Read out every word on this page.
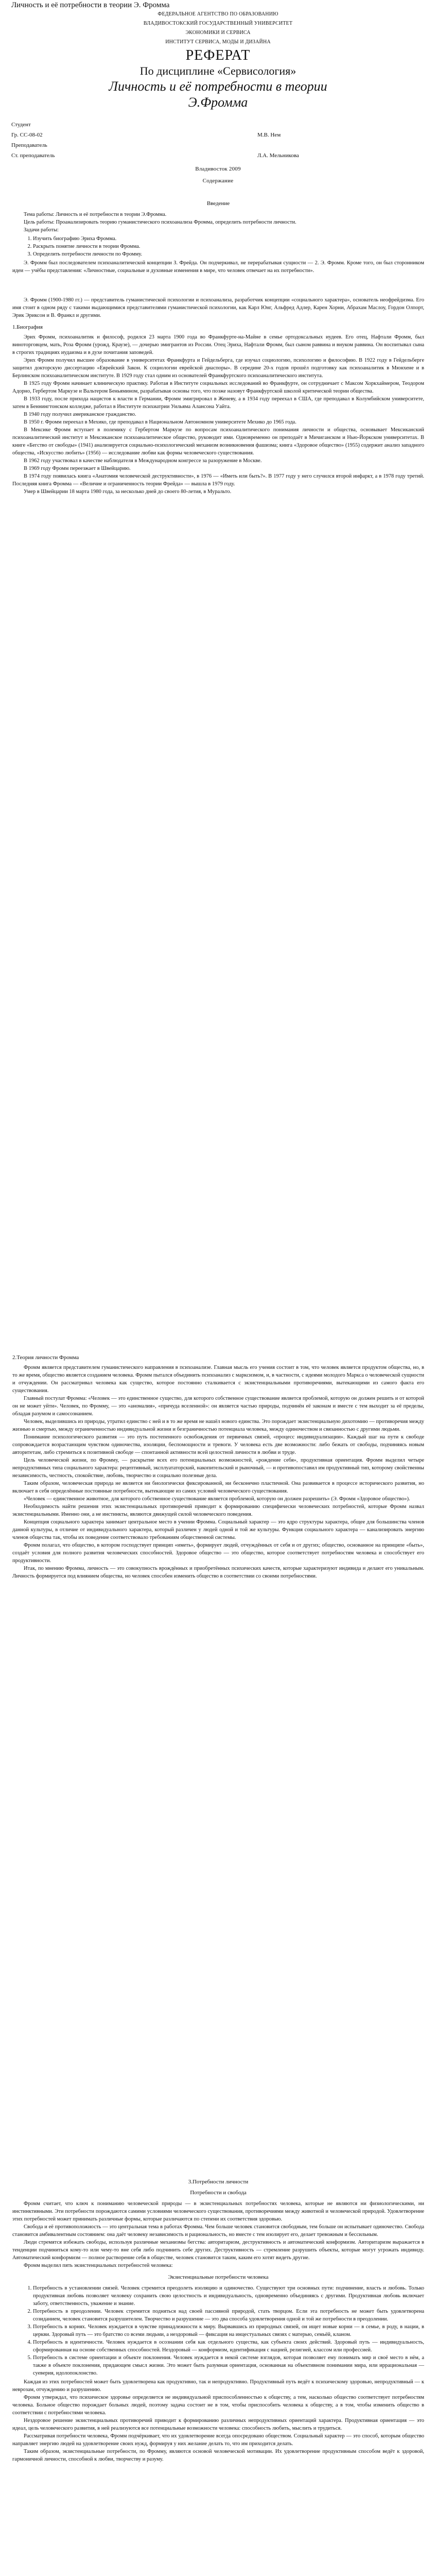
Личность и её потребности в теории Э. Фромма
ФЕДЕРАЛЬНОЕ АГЕНТСТВО ПО ОБРАЗОВАНИЮ
ВЛАДИВОСТОКСКИЙ ГОСУДАРСТВЕННЫЙ УНИВЕРСИТЕТ
ЭКОНОМИКИ И СЕРВИСА
ИНСТИТУТ СЕРВИСА, МОДЫ И ДИЗАЙНА
РЕФЕРАТ
По дисциплине «Сервисология»
Личность и её потребности в теории
Э.Фромма
Студент
Гр. СС-08-02	М.В. Нем
Преподаватель
Ст. преподаватель	Л.А. Мельникова
Владивосток 2009
Содержание
Введение

Тема работы: Личность и её потребности в теории Э.Фромма.

Цель работы: Проанализировать теорию гуманистического психоанализа Фромма, определить потребности личности.

Задачи работы:

1. Изучить биографию Эриха Фромма.
2. Раскрыть понятие личности в теории Фромма.
3. Определить потребности личности по Фромму.

Э. Фромм был последователем психоаналитической концепции З. Фрейда. Он подчеркивал, не перерабатывая сущности — 2. Э. Фромм. Кроме того, он был сторонником идеи — учёбы представления: «Личностные, социальные и духовные изменения в мире, что человек отвечает на их потребности».

Э. Фромм (1900-1980 гг.) — представитель гуманистической психологии и психоанализа, разработчик концепции «социального характера», основатель неофрейдизма. Его имя стоит в одном ряду с такими выдающимися представителями гуманистической психологии, как Карл Юнг, Альфред Адлер, Карен Хорни, Абрахам Маслоу, Гордон Олпорт, Эрик Эриксон и В. Франкл и другими.

1.Биография

Эрих Фромм, психоаналитик и философ, родился 23 марта 1900 года во Франкфурте-на-Майне в семье ортодоксальных иудеев. Его отец, Нафтали Фромм, был виноторговцем, мать, Роза Фромм (урожд. Краузе), — дочерью эмигрантов из России. Отец Эриха, Нафтали Фромм, был сыном раввина и внуком раввина. Он воспитывал сына в строгих традициях иудаизма и в духе почитания заповедей.

Эрих Фромм получил высшее образование в университетах Франкфурта и Гейдельберга, где изучал социологию, психологию и философию. В 1922 году в Гейдельберге защитил докторскую диссертацию «Еврейский Закон. К социологии еврейской диаспоры». В середине 20-х годов прошёл подготовку как психоаналитик в Мюнхене и в Берлинском психоаналитическом институте. В 1929 году стал одним из основателей Франкфуртского психоаналитического института.

В 1925 году Фромм начинает клиническую практику. Работая в Институте социальных исследований во Франкфурте, он сотрудничает с Максом Хоркхаймером, Теодором Адорно, Гербертом Маркузе и Вальтером Беньямином, разрабатывая основы того, что позже назовут Франкфуртской школой критической теории общества.

В 1933 году, после прихода нацистов к власти в Германии, Фромм эмигрировал в Женеву, а в 1934 году переехал в США, где преподавал в Колумбийском университете, затем в Беннингтонском колледже, работал в Институте психиатрии Уильяма Алансона Уайта.

В 1940 году получил американское гражданство.

В 1950 г. Фромм переехал в Мехико, где преподавал в Национальном Автономном университете Мехико до 1965 года.

В Мексике Фромм вступает в полемику с Гербертом Маркузе по вопросам психоаналитического понимания личности и общества, основывает Мексиканский психоаналитический институт и Мексиканское психоаналитическое общество, руководит ими. Одновременно он преподаёт в Мичиганском и Нью-Йоркском университетах. В книге «Бегство от свободы» (1941) анализируется социально-психологический механизм возникновения фашизма; книга «Здоровое общество» (1955) содержит анализ западного общества, «Искусство любить» (1956) — исследование любви как формы человеческого существования.

В 1962 году участвовал в качестве наблюдателя в Международном конгрессе за разоружение в Москве.

В 1969 году Фромм переезжает в Швейцарию.

В 1974 году появилась книга «Анатомия человеческой деструктивности», в 1976 — «Иметь или быть?». В 1977 году у него случился второй инфаркт, а в 1978 году третий. Последняя книга Фромма — «Величие и ограниченность теории Фрейда» — вышла в 1979 году.

Умер в Швейцарии 18 марта 1980 года, за несколько дней до своего 80-летия, в Муральто.

2.Теория личности Фромма

Фромм является представителем гуманистического направления в психоанализе. Главная мысль его учения состоит в том, что человек является продуктом общества, но, в то же время, общество является созданием человека. Фромм пытался объединить психоанализ с марксизмом, и, в частности, с идеями молодого Маркса о человеческой сущности и отчуждении. Он рассматривал человека как существо, которое постоянно сталкивается с экзистенциальными противоречиями, вытекающими из самого факта его существования.

Главный постулат Фромма: «Человек — это единственное существо, для которого собственное существование является проблемой, которую он должен решить и от которой он не может уйти». Человек, по Фромму, — это «аномалия», «причуда вселенной»: он является частью природы, подчинён её законам и вместе с тем выходит за её пределы, обладая разумом и самосознанием.

Человек, выделившись из природы, утратил единство с ней и в то же время не нашёл нового единства. Это порождает экзистенциальную дихотомию — противоречия между жизнью и смертью, между ограниченностью индивидуальной жизни и безграничностью потенциала человека, между одиночеством и связанностью с другими людьми.

Понимание психологического развития — это путь постепенного освобождения от первичных связей, «процесс индивидуализации». Каждый шаг на пути к свободе сопровождается возрастающим чувством одиночества, изоляции, беспомощности и тревоги. У человека есть две возможности: либо бежать от свободы, подчиняясь новым авторитетам, либо стремиться к позитивной свободе — спонтанной активности всей целостной личности в любви и труде.

Цель человеческой жизни, по Фромму, — раскрытие всех его потенциальных возможностей, «рождение себя», продуктивная ориентация. Фромм выделил четыре непродуктивных типа социального характера: рецептивный, эксплуататорский, накопительский и рыночный, — и противопоставил им продуктивный тип, которому свойственны независимость, честность, спокойствие, любовь, творчество и социально полезные дела.

Таким образом, человеческая природа не является ни биологически фиксированной, ни бесконечно пластичной. Она развивается в процессе исторического развития, но включает в себя определённые постоянные потребности, вытекающие из самих условий человеческого существования.

«Человек — единственное животное, для которого собственное существование является проблемой, которую он должен разрешить» (Э. Фромм «Здоровое общество»).

Необходимость найти решения этих экзистенциальных противоречий приводит к формированию специфически человеческих потребностей, которые Фромм назвал экзистенциальными. Именно они, а не инстинкты, являются движущей силой человеческого поведения.

Концепция социального характера занимает центральное место в учении Фромма. Социальный характер — это ядро структуры характера, общее для большинства членов данной культуры, в отличие от индивидуального характера, который различен у людей одной и той же культуры. Функция социального характера — канализировать энергию членов общества так, чтобы их поведение соответствовало требованиям общественной системы.

Фромм полагал, что общество, в котором господствует принцип «иметь», формирует людей, отчуждённых от себя и от других; общество, основанное на принципе «быть», создаёт условия для полного развития человеческих способностей. Здоровое общество — это общество, которое соответствует потребностям человека и способствует его продуктивности.

Итак, по мнению Фромма, личность — это совокупность врождённых и приобретённых психических качеств, которые характеризуют индивида и делают его уникальным. Личность формируется под влиянием общества, но человек способен изменить общество в соответствии со своими потребностями.

3.Потребности личности
Потребности и свобода

Фромм считает, что ключ к пониманию человеческой природы — в экзистенциальных потребностях человека, которые не являются ни физиологическими, ни инстинктивными. Эти потребности порождаются самими условиями человеческого существования, противоречиями между животной и человеческой природой. Удовлетворение этих потребностей может принимать различные формы, которые различаются по степени их соответствия здоровью.

Свобода и её противоположность — это центральная тема в работах Фромма. Чем больше человек становится свободным, тем больше он испытывает одиночество. Свобода становится амбивалентным состоянием: она даёт человеку независимость и рациональность, но вместе с тем изолирует его, делает тревожным и бессильным.

Люди стремятся избежать свободы, используя различные механизмы бегства: авторитаризм, деструктивность и автоматический конформизм. Авторитаризм выражается в тенденции подчиниться кому-то или чему-то вне себя либо подчинить себе других. Деструктивность — стремление разрушить объекты, которые могут угрожать индивиду. Автоматический конформизм — полное растворение себя в обществе, человек становится таким, каким его хотят видеть другие.

Фромм выделил пять экзистенциальных потребностей человека:

Экзистенциальные потребности человека
1. Потребность в установлении связей. Человек стремится преодолеть изоляцию и одиночество. Существуют три основных пути: подчинение, власть и любовь. Только продуктивная любовь позволяет человеку сохранить свою целостность и индивидуальность, одновременно объединяясь с другими. Продуктивная любовь включает заботу, ответственность, уважение и знание.
2. Потребность в преодолении. Человек стремится подняться над своей пассивной природой, стать творцом. Если эта потребность не может быть удовлетворена созиданием, человек становится разрушителем. Творчество и разрушение — это два способа удовлетворения одной и той же потребности в преодолении.
3. Потребность в корнях. Человек нуждается в чувстве принадлежности к миру. Вырвавшись из природных связей, он ищет новые корни — в семье, в роду, в нации, в церкви. Здоровый путь — это братство со всеми людьми, а нездоровый — фиксация на инцестуальных связях с матерью, семьёй, кланом.
4. Потребность в идентичности. Человек нуждается в осознании себя как отдельного существа, как субъекта своих действий. Здоровый путь — индивидуальность, сформированная на основе собственных способностей. Нездоровый — конформизм, идентификация с нацией, религией, классом или профессией.
5. Потребность в системе ориентации и объекте поклонения. Человек нуждается в некой системе взглядов, которая позволяет ему понимать мир и своё место в нём, а также в объекте поклонения, придающем смысл жизни. Это может быть разумная ориентация, основанная на объективном понимании мира, или иррациональная — суеверия, идолопоклонство.

Каждая из этих потребностей может быть удовлетворена как продуктивно, так и непродуктивно. Продуктивный путь ведёт к психическому здоровью, непродуктивный — к неврозам, отчуждению и разрушению.

Фромм утверждал, что психическое здоровье определяется не индивидуальной приспособленностью к обществу, а тем, насколько общество соответствует потребностям человека. Больное общество порождает больных людей, поэтому задача состоит не в том, чтобы приспособить человека к обществу, а в том, чтобы изменить общество в соответствии с потребностями человека.

Нездоровое решение экзистенциальных противоречий приводит к формированию различных непродуктивных ориентаций характера. Продуктивная ориентация — это идеал, цель человеческого развития, в ней реализуются все потенциальные возможности человека: способность любить, мыслить и трудиться.

Рассматривая потребности человека, Фромм подчёркивает, что их удовлетворение всегда опосредовано обществом. Социальный характер — это способ, которым общество направляет энергию людей на удовлетворение своих нужд, формируя у них желание делать то, что им приходится делать.

Таким образом, экзистенциальные потребности, по Фромму, являются основой человеческой мотивации. Их удовлетворение продуктивным способом ведёт к здоровой, гармоничной личности, способной к любви, творчеству и разуму.
